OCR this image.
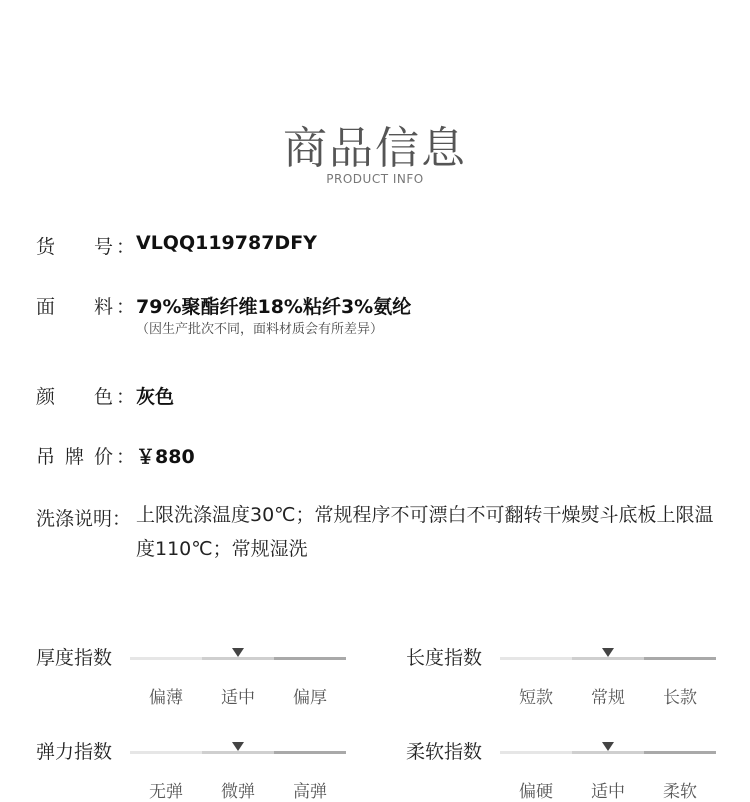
商品信息
PRODUCT INFO
货 号 ： VLQQ119787DFY
面 料 ： 79%聚酯纤维18%粘纤3%氨纶
（因生产批次不同，面料材质会有所差异）
颜 色 ： 灰色
吊 牌 价 ： ￥880
洗涤说明： 上限洗涤温度30℃；常规程序不可漂白不可翻转干燥熨斗底板上限温度110℃；常规湿洗
厚度指数
偏薄	适中	偏厚
长度指数
短款	常规	长款
弹力指数
无弹	微弹	高弹
柔软指数
偏硬	适中	柔软
